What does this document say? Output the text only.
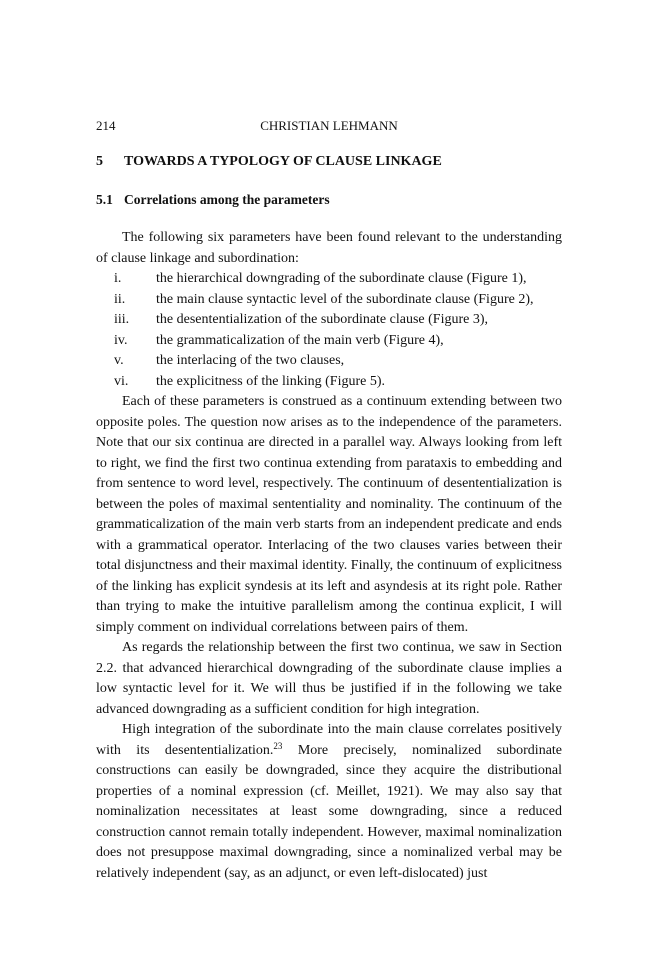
214	CHRISTIAN LEHMANN
5 TOWARDS A TYPOLOGY OF CLAUSE LINKAGE
5.1 Correlations among the parameters

The following six parameters have been found relevant to the understanding of clause linkage and subordination:

i.	the hierarchical downgrading of the subordinate clause (Figure 1),
ii.	the main clause syntactic level of the subordinate clause (Figure 2),
iii.	the desententialization of the subordinate clause (Figure 3),
iv.	the grammaticalization of the main verb (Figure 4),
v.	the interlacing of the two clauses,
vi.	the explicitness of the linking (Figure 5).

Each of these parameters is construed as a continuum extending between two opposite poles. The question now arises as to the independence of the parameters. Note that our six continua are directed in a parallel way. Always looking from left to right, we find the first two continua extending from parataxis to embedding and from sentence to word level, respectively. The continuum of desententialization is between the poles of maximal sententiality and nominality. The continuum of the grammaticalization of the main verb starts from an independent predicate and ends with a grammatical operator. Interlacing of the two clauses varies between their total disjunctness and their maximal identity. Finally, the continuum of explicitness of the linking has explicit syndesis at its left and asyndesis at its right pole. Rather than trying to make the intuitive parallelism among the continua explicit, I will simply comment on individual correlations between pairs of them.

As regards the relationship between the first two continua, we saw in Section 2.2. that advanced hierarchical downgrading of the subordinate clause implies a low syntactic level for it. We will thus be justified if in the following we take advanced downgrading as a sufficient condition for high integration.

High integration of the subordinate into the main clause correlates positively with its desententialization.$^{23}$ More precisely, nominalized subordinate constructions can easily be downgraded, since they acquire the distributional properties of a nominal expression (cf. Meillet, 1921). We may also say that nominalization necessitates at least some downgrading, since a reduced construction cannot remain totally independent. However, maximal nominalization does not presuppose maximal downgrading, since a nominalized verbal may be relatively independent (say, as an adjunct, or even left-dislocated) just
